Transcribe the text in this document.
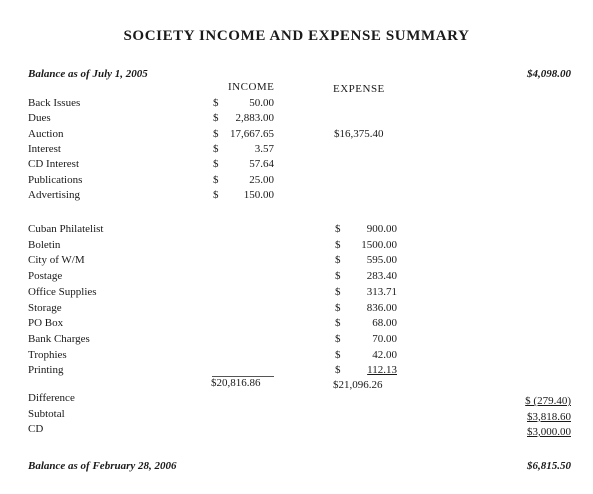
SOCIETY INCOME AND EXPENSE SUMMARY
Balance as of July 1, 2005	$4,098.00
INCOME	EXPENSE
Back Issues	$	50.00
Dues	$ 2,883.00
Auction	$ 17,667.65	$16,375.40
Interest	$	3.57
CD Interest	$	57.64
Publications	$	25.00
Advertising	$ 150.00
Cuban Philatelist	$ 900.00
Boletin	$ 1500.00
City of W/M	$ 595.00
Postage	$ 283.40
Office Supplies	$ 313.71
Storage	$ 836.00
PO Box	$	68.00
Bank Charges	$	70.00
Trophies	$	42.00
Printing	$ 112.13
$20,816.86	$21,096.26
Difference	$ (279.40)
Subtotal	$3,818.60
CD	$3,000.00
Balance as of February 28, 2006	$6,815.50
